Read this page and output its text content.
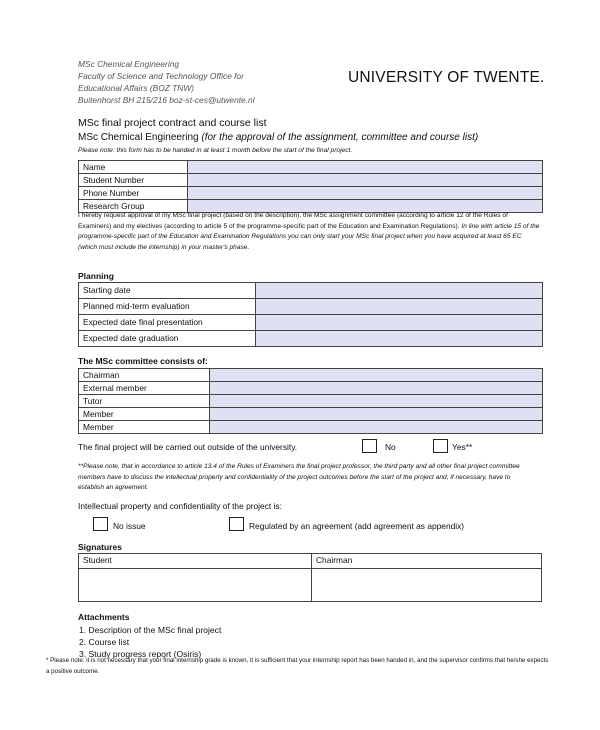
MSc Chemical Engineering
Faculty of Science and Technology Office for
Educational Affairs (BOZ TNW)
Buitenhorst BH 215/216 boz-st-ces@utwente.nl
UNIVERSITY OF TWENTE.
MSc final project contract and course list
MSc Chemical Engineering (for the approval of the assignment, committee and course list)
Please note: this form has to be handed in at least 1 month before the start of the final project.
Name	
Student Number	
Phone Number	
Research Group	
I hereby request approval of my MSc final project (based on the description), the MSc assignment committee (according to article 12 of the Rules of Examiners) and my electives (according to article 5 of the programme-specific part of the Education and Examination Regulations). In line with article 15 of the programme-specific part of the Education and Examination Regulations you can only start your MSc final project when you have acquired at least 65 EC (which must include the internship) in your master's phase.
Planning
Starting date	
Planned mid-term evaluation	
Expected date final presentation	
Expected date graduation	
The MSc committee consists of:
Chairman	
External member	
Tutor	
Member	
Member	
The final project will be carried out outside of the university.	No	Yes**
**Please note, that in accordance to article 13.4 of the Rules of Examiners the final project professor, the third party and all other final project committee members have to discuss the intellectual property and confidentiality of the project outcomes before the start of the project and, if necessary, have to establish an agreement.
Intellectual property and confidentiality of the project is:
No issue	Regulated by an agreement (add agreement as appendix)
Signatures
Student	Chairman

Attachments
1. Description of the MSc final project
2. Course list
3. Study progress report (Osiris)
* Please note: it is not necessary that your final internship grade is known, it is sufficient that your internship report has been handed in, and the supervisor confirms that he/she expects a positive outcome.
